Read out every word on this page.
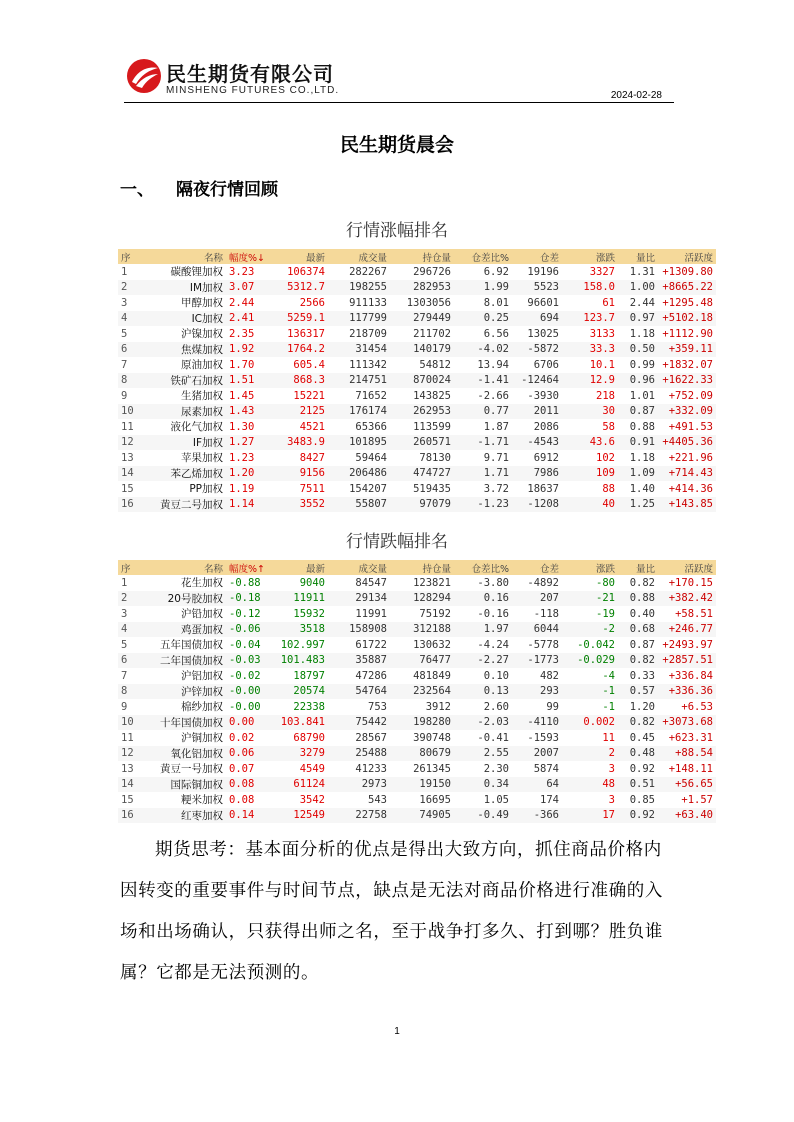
民生期货有限公司
MINSHENG FUTURES CO.,LTD.	2024-02-28
民生期货晨会
一、 隔夜行情回顾
行情涨幅排名
序	名称	幅度%↓	最新	成交量	持仓量	仓差比%	仓差	涨跌	量比	活跃度
1	碳酸锂加权	3.23	106374	282267	296726	6.92	19196	3327	1.31	+1309.80
2	IM加权	3.07	5312.7	198255	282953	1.99	5523	158.0	1.00	+8665.22
3	甲醇加权	2.44	2566	911133	1303056	8.01	96601	61	2.44	+1295.48
4	IC加权	2.41	5259.1	117799	279449	0.25	694	123.7	0.97	+5102.18
5	沪镍加权	2.35	136317	218709	211702	6.56	13025	3133	1.18	+1112.90
6	焦煤加权	1.92	1764.2	31454	140179	-4.02	-5872	33.3	0.50	+359.11
7	原油加权	1.70	605.4	111342	54812	13.94	6706	10.1	0.99	+1832.07
8	铁矿石加权	1.51	868.3	214751	870024	-1.41	-12464	12.9	0.96	+1622.33
9	生猪加权	1.45	15221	71652	143825	-2.66	-3930	218	1.01	+752.09
10	尿素加权	1.43	2125	176174	262953	0.77	2011	30	0.87	+332.09
11	液化气加权	1.30	4521	65366	113599	1.87	2086	58	0.88	+491.53
12	IF加权	1.27	3483.9	101895	260571	-1.71	-4543	43.6	0.91	+4405.36
13	苹果加权	1.23	8427	59464	78130	9.71	6912	102	1.18	+221.96
14	苯乙烯加权	1.20	9156	206486	474727	1.71	7986	109	1.09	+714.43
15	PP加权	1.19	7511	154207	519435	3.72	18637	88	1.40	+414.36
16	黄豆二号加权	1.14	3552	55807	97079	-1.23	-1208	40	1.25	+143.85
行情跌幅排名
序	名称	幅度%↑	最新	成交量	持仓量	仓差比%	仓差	涨跌	量比	活跃度
1	花生加权	-0.88	9040	84547	123821	-3.80	-4892	-80	0.82	+170.15
2	20号胶加权	-0.18	11911	29134	128294	0.16	207	-21	0.88	+382.42
3	沪铅加权	-0.12	15932	11991	75192	-0.16	-118	-19	0.40	+58.51
4	鸡蛋加权	-0.06	3518	158908	312188	1.97	6044	-2	0.68	+246.77
5	五年国债加权	-0.04	102.997	61722	130632	-4.24	-5778	-0.042	0.87	+2493.97
6	二年国债加权	-0.03	101.483	35887	76477	-2.27	-1773	-0.029	0.82	+2857.51
7	沪铝加权	-0.02	18797	47286	481849	0.10	482	-4	0.33	+336.84
8	沪锌加权	-0.00	20574	54764	232564	0.13	293	-1	0.57	+336.36
9	棉纱加权	-0.00	22338	753	3912	2.60	99	-1	1.20	+6.53
10	十年国债加权	0.00	103.841	75442	198280	-2.03	-4110	0.002	0.82	+3073.68
11	沪铜加权	0.02	68790	28567	390748	-0.41	-1593	11	0.45	+623.31
12	氧化铝加权	0.06	3279	25488	80679	2.55	2007	2	0.48	+88.54
13	黄豆一号加权	0.07	4549	41233	261345	2.30	5874	3	0.92	+148.11
14	国际铜加权	0.08	61124	2973	19150	0.34	64	48	0.51	+56.65
15	粳米加权	0.08	3542	543	16695	1.05	174	3	0.85	+1.57
16	红枣加权	0.14	12549	22758	74905	-0.49	-366	17	0.92	+63.40
期货思考：基本面分析的优点是得出大致方向，抓住商品价格内因转变的重要事件与时间节点，缺点是无法对商品价格进行准确的入场和出场确认，只获得出师之名，至于战争打多久、打到哪？胜负谁属？它都是无法预测的。
1
